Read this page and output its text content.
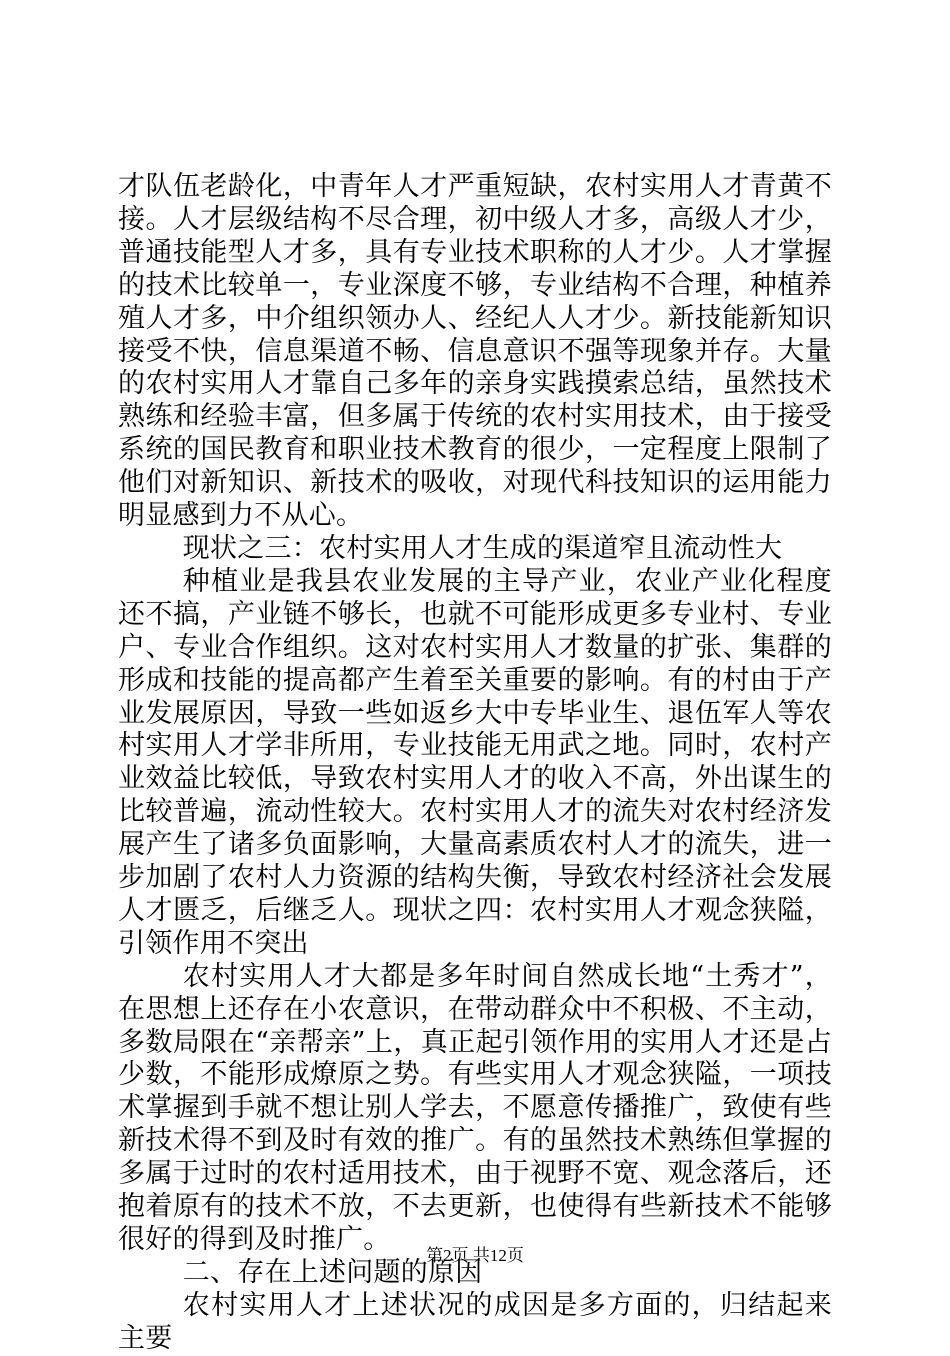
才队伍老龄化，中青年人才严重短缺，农村实用人才青黄不接。人才层级结构不尽合理，初中级人才多，高级人才少，普通技能型人才多，具有专业技术职称的人才少。人才掌握的技术比较单一，专业深度不够，专业结构不合理，种植养殖人才多，中介组织领办人、经纪人人才少。新技能新知识接受不快，信息渠道不畅、信息意识不强等现象并存。大量的农村实用人才靠自己多年的亲身实践摸索总结，虽然技术熟练和经验丰富，但多属于传统的农村实用技术，由于接受系统的国民教育和职业技术教育的很少，一定程度上限制了他们对新知识、新技术的吸收，对现代科技知识的运用能力明显感到力不从心。

现状之三：农村实用人才生成的渠道窄且流动性大

种植业是我县农业发展的主导产业，农业产业化程度还不搞，产业链不够长，也就不可能形成更多专业村、专业户、专业合作组织。这对农村实用人才数量的扩张、集群的形成和技能的提高都产生着至关重要的影响。有的村由于产业发展原因，导致一些如返乡大中专毕业生、退伍军人等农村实用人才学非所用，专业技能无用武之地。同时，农村产业效益比较低，导致农村实用人才的收入不高，外出谋生的比较普遍，流动性较大。农村实用人才的流失对农村经济发展产生了诸多负面影响，大量高素质农村人才的流失，进一步加剧了农村人力资源的结构失衡，导致农村经济社会发展人才匮乏，后继乏人。现状之四：农村实用人才观念狭隘，引领作用不突出

农村实用人才大都是多年时间自然成长地“土秀才”，在思想上还存在小农意识，在带动群众中不积极、不主动，多数局限在“亲帮亲”上，真正起引领作用的实用人才还是占少数，不能形成燎原之势。有些实用人才观念狭隘，一项技术掌握到手就不想让别人学去，不愿意传播推广，致使有些新技术得不到及时有效的推广。有的虽然技术熟练但掌握的多属于过时的农村适用技术，由于视野不宽、观念落后，还抱着原有的技术不放，不去更新，也使得有些新技术不能够很好的得到及时推广。

二、存在上述问题的原因

农村实用人才上述状况的成因是多方面的，归结起来主要

第2页 共12页
